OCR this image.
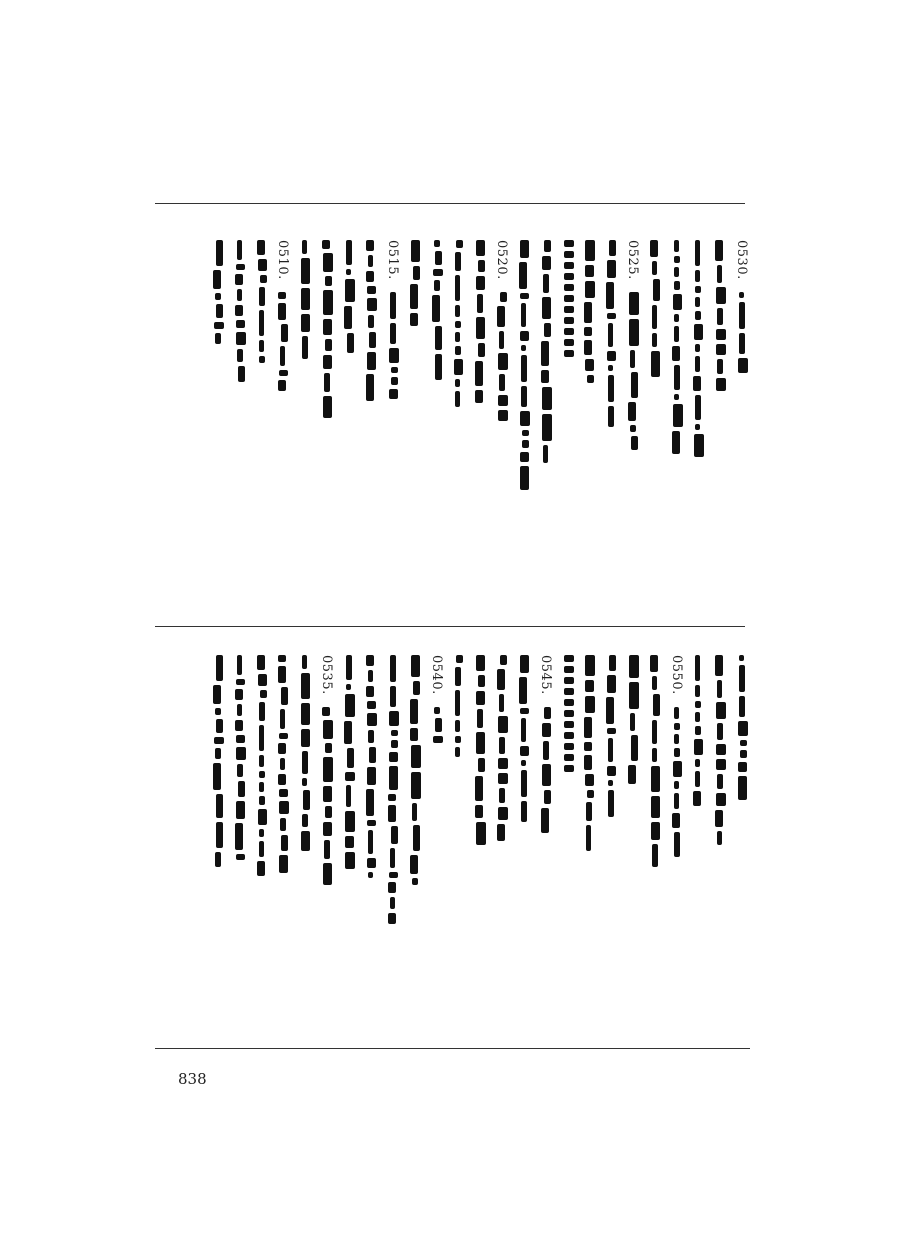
0530.
0525.
0520.
0515.
0510.
0550.
0545.
0540.
0535.
838
